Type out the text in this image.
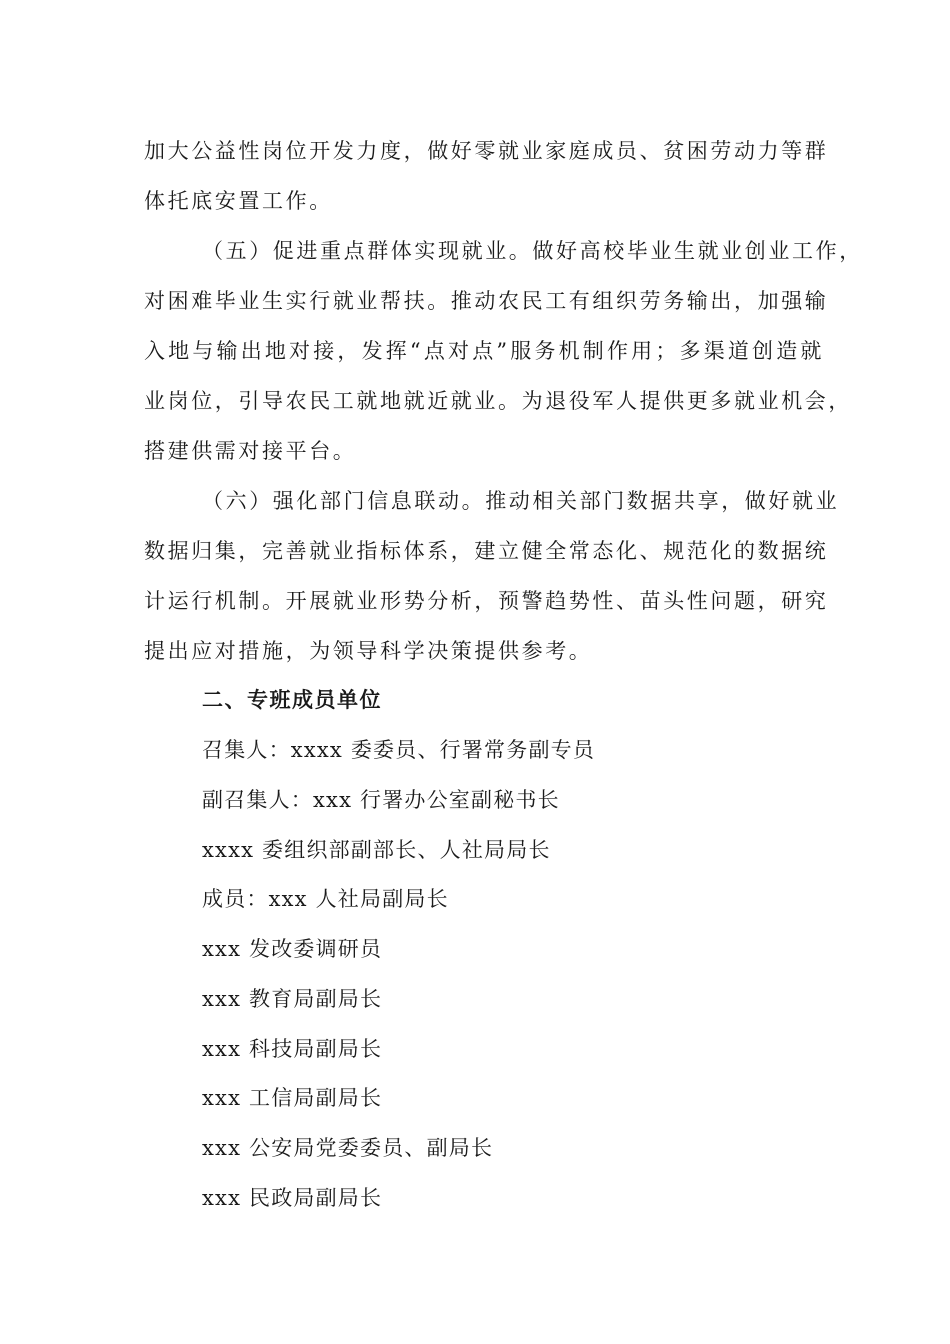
加大公益性岗位开发力度，做好零就业家庭成员、贫困劳动力等群
体托底安置工作。
（五）促进重点群体实现就业。做好高校毕业生就业创业工作，
对困难毕业生实行就业帮扶。推动农民工有组织劳务输出，加强输
入地与输出地对接，发挥“点对点”服务机制作用；多渠道创造就
业岗位，引导农民工就地就近就业。为退役军人提供更多就业机会，
搭建供需对接平台。
（六）强化部门信息联动。推动相关部门数据共享，做好就业
数据归集，完善就业指标体系，建立健全常态化、规范化的数据统
计运行机制。开展就业形势分析，预警趋势性、苗头性问题，研究
提出应对措施，为领导科学决策提供参考。
二、专班成员单位
召集人：xxxx 委委员、行署常务副专员
副召集人：xxx 行署办公室副秘书长
xxxx 委组织部副部长、人社局局长
成员：xxx 人社局副局长
xxx 发改委调研员
xxx 教育局副局长
xxx 科技局副局长
xxx 工信局副局长
xxx 公安局党委委员、副局长
xxx 民政局副局长
